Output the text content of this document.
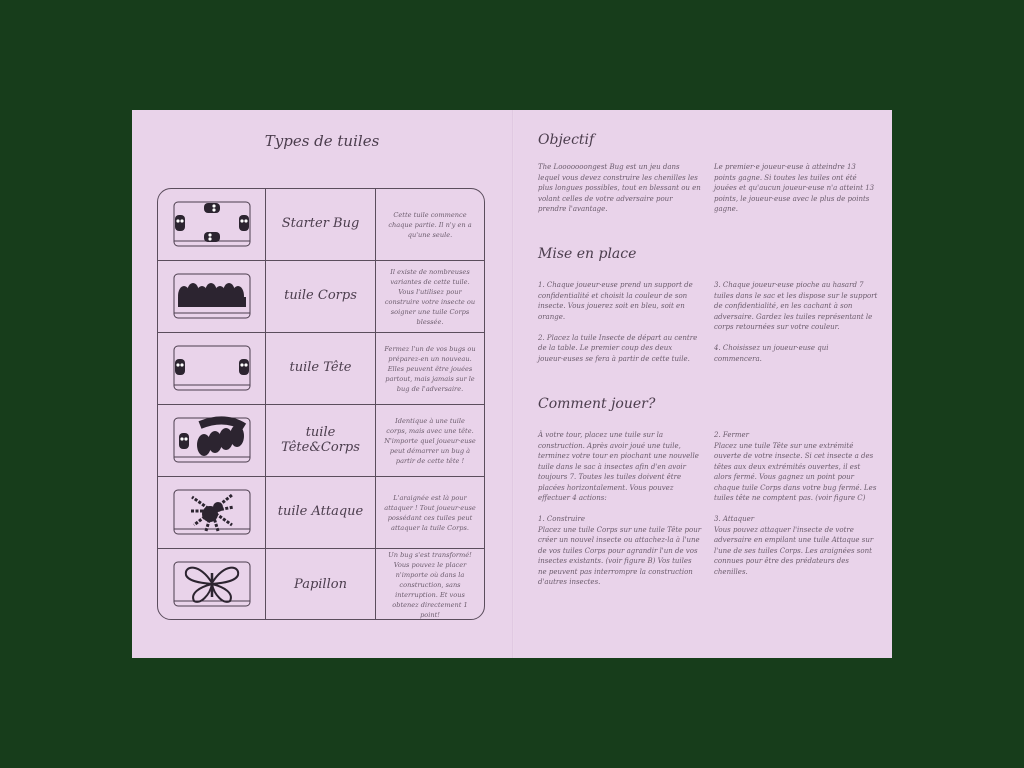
Types de tuiles
Starter Bug
Cette tuile commence chaque partie. Il n'y en a qu'une seule.
tuile Corps
Il existe de nombreuses variantes de cette tuile. Vous l'utilisez pour construire votre insecte ou soigner une tuile Corps blessée.
tuile Tête
Fermez l'un de vos bugs ou préparez-en un nouveau. Elles peuvent être jouées partout, mais jamais sur le bug de l'adversaire.
tuile Tête&Corps
Identique à une tuile corps, mais avec une tête. N'importe quel joueur·euse peut démarrer un bug à partir de cette tête !
tuile Attaque
L'araignée est là pour attaquer ! Tout joueur·euse possédant ces tuiles peut attaquer la tuile Corps.
Papillon
Un bug s'est transformé! Vous pouvez le placer n'importe où dans la construction, sans interruption. Et vous obtenez directement 1 point!
Objectif
The Looooooongest Bug est un jeu dans lequel vous devez construire les chenilles les plus longues possibles, tout en blessant ou en volant celles de votre adversaire pour prendre l'avantage.
Le premier·e joueur·euse à atteindre 13 points gagne. Si toutes les tuiles ont été jouées et qu'aucun joueur·euse n'a atteint 13 points, le joueur·euse avec le plus de points gagne.
Mise en place
1. Chaque joueur·euse prend un support de confidentialité et choisit la couleur de son insecte. Vous jouerez soit en bleu, soit en orange.

2. Placez la tuile Insecte de départ au centre de la table. Le premier coup des deux joueur·euses se fera à partir de cette tuile.
3. Chaque joueur·euse pioche au hasard 7 tuiles dans le sac et les dispose sur le support de confidentialité, en les cachant à son adversaire. Gardez les tuiles représentant le corps retournées sur votre couleur.

4. Choisissez un joueur·euse qui commencera.
Comment jouer?
À votre tour, placez une tuile sur la construction. Après avoir joué une tuile, terminez votre tour en piochant une nouvelle tuile dans le sac à insectes afin d'en avoir toujours 7. Toutes les tuiles doivent être placées horizontalement. Vous pouvez effectuer 4 actions:

1. Construire
Placez une tuile Corps sur une tuile Tête pour créer un nouvel insecte ou attachez-la à l'une de vos tuiles Corps pour agrandir l'un de vos insectes existants. (voir figure B) Vos tuiles ne peuvent pas interrompre la construction d'autres insectes.
2. Fermer
Placez une tuile Tête sur une extrémité ouverte de votre insecte. Si cet insecte a des têtes aux deux extrémités ouvertes, il est alors fermé. Vous gagnez un point pour chaque tuile Corps dans votre bug fermé. Les tuiles tête ne comptent pas. (voir figure C)

3. Attaquer
Vous pouvez attaquer l'insecte de votre adversaire en empilant une tuile Attaque sur l'une de ses tuiles Corps. Les araignées sont connues pour être des prédateurs des chenilles.
